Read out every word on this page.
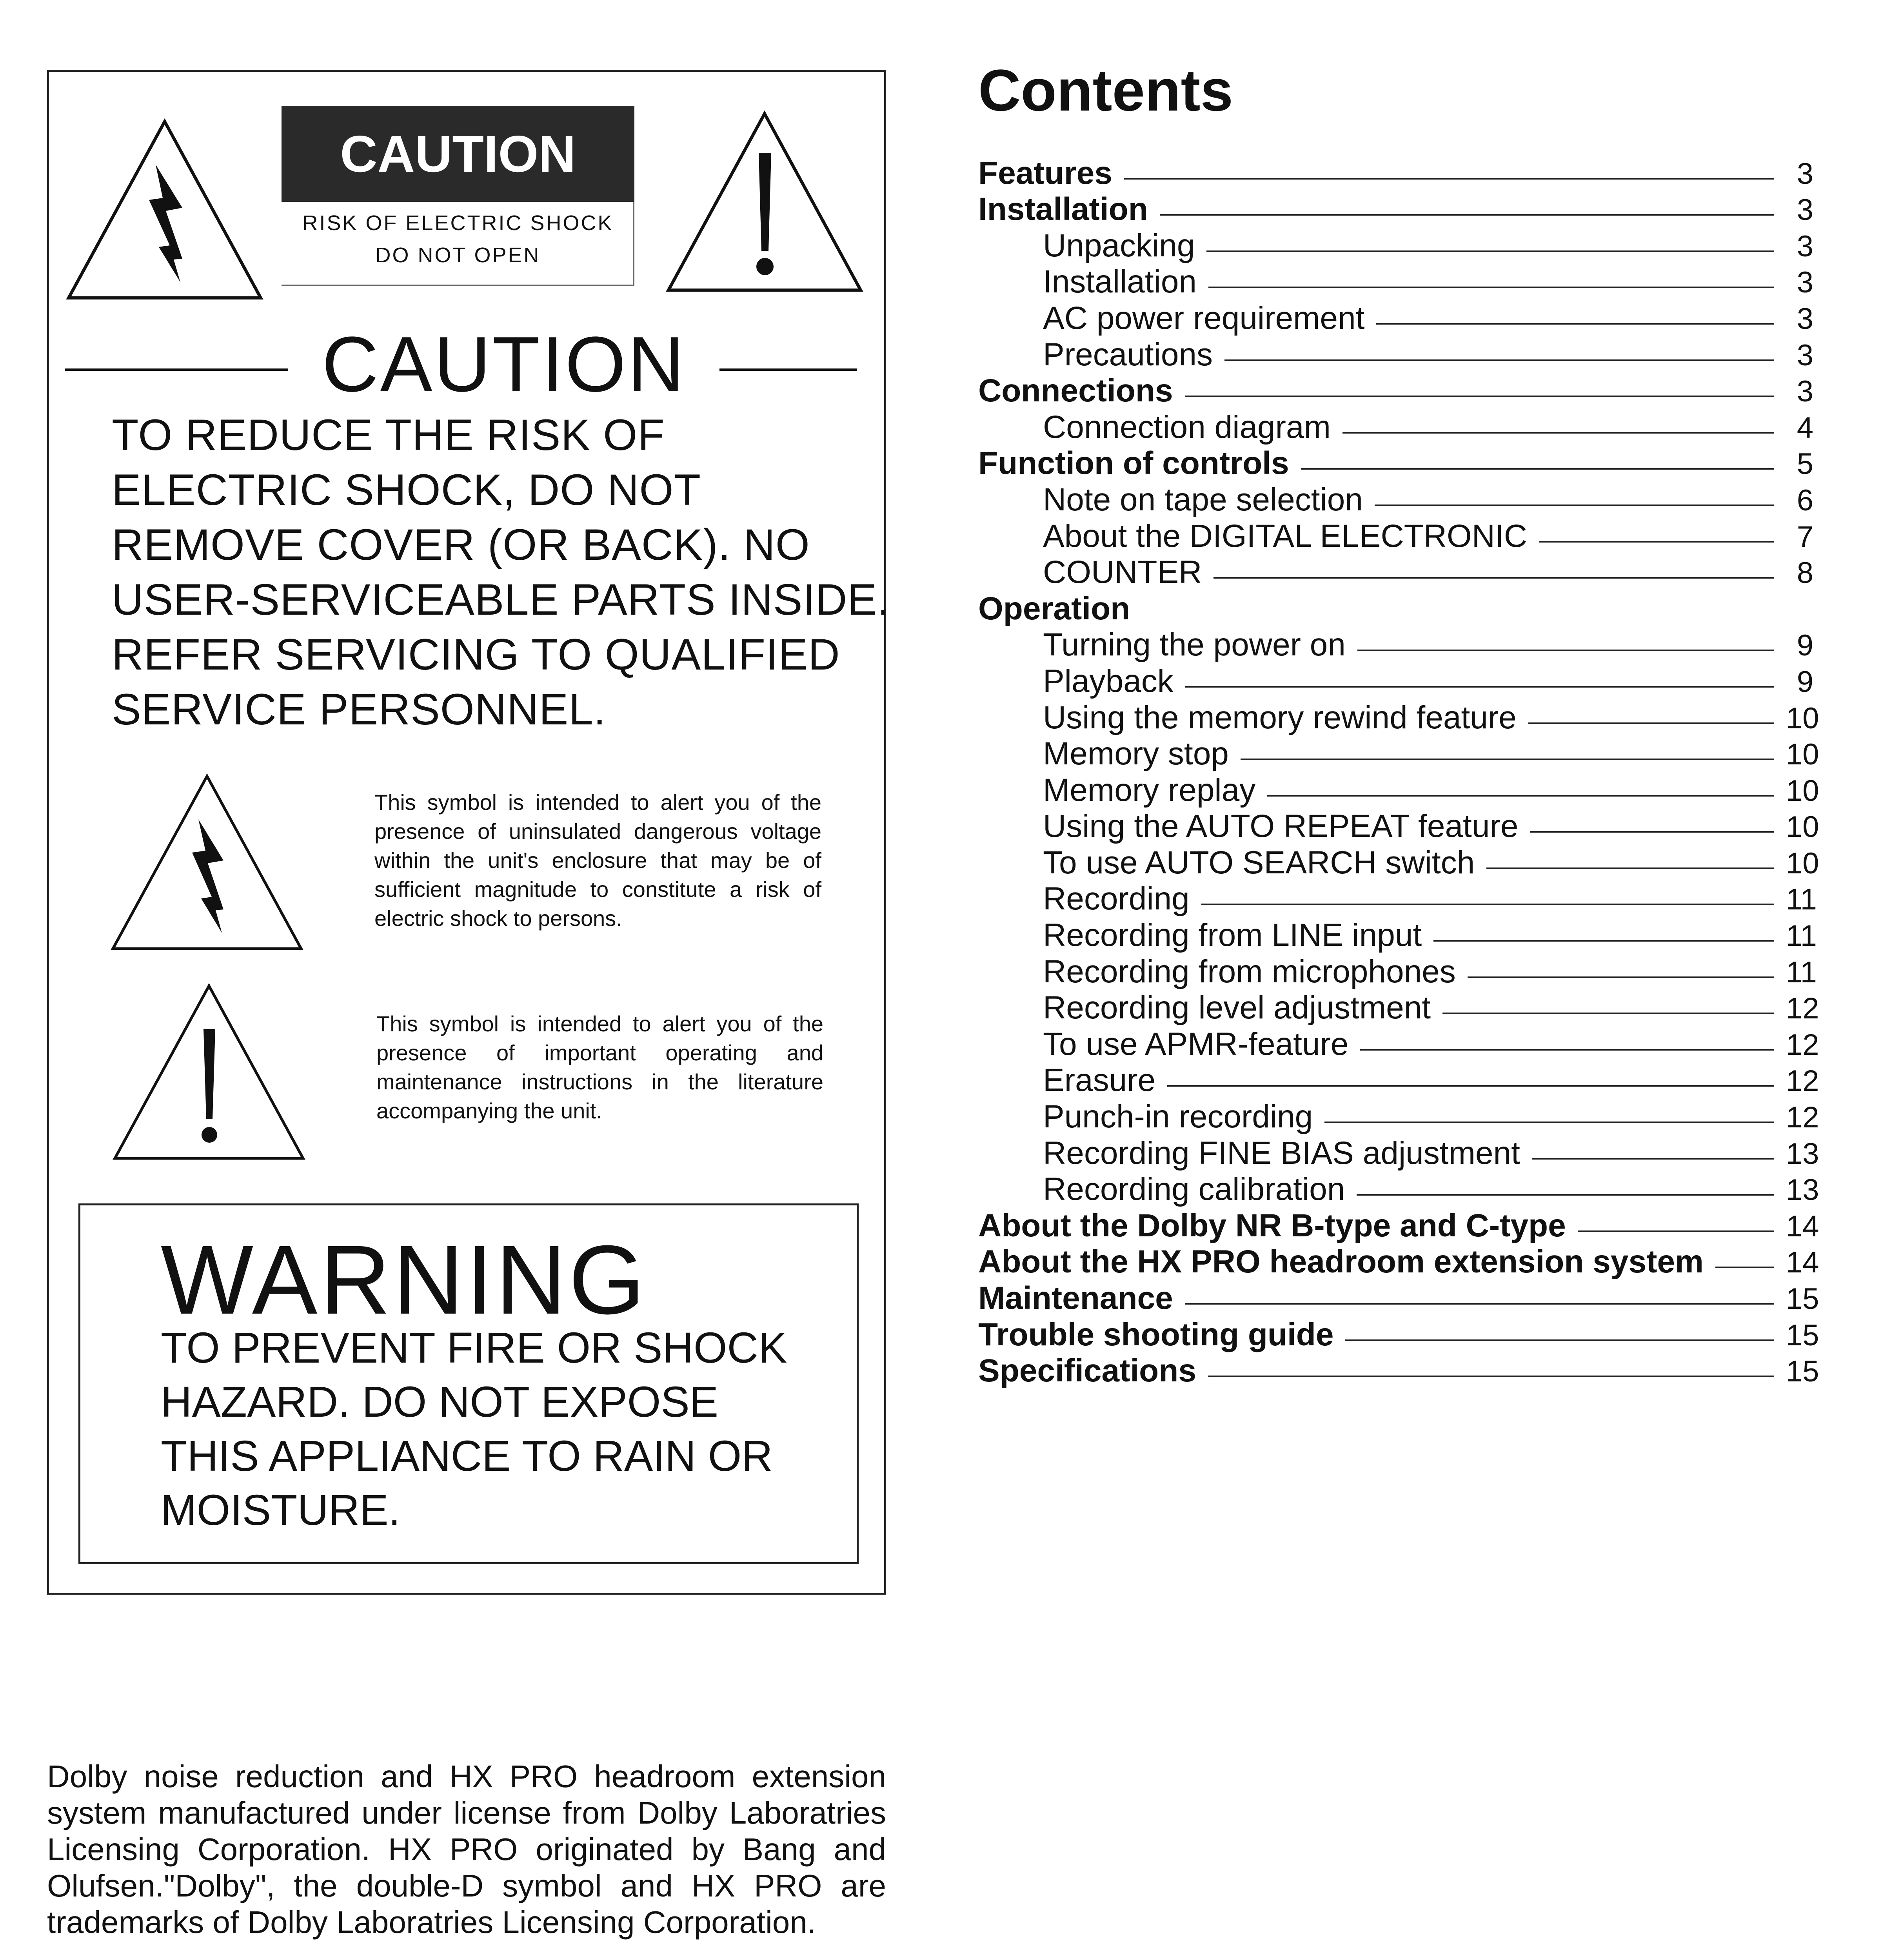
CAUTION
RISK OF ELECTRIC SHOCK
DO NOT OPEN
CAUTION
TO REDUCE THE RISK OF
ELECTRIC SHOCK, DO NOT
REMOVE COVER (OR BACK). NO
USER-SERVICEABLE PARTS INSIDE.
REFER SERVICING TO QUALIFIED
SERVICE PERSONNEL.
This symbol is intended to alert you of the presence of uninsulated dangerous voltage within the unit's enclosure that may be of sufficient magnitude to constitute a risk of electric shock to persons.
This symbol is intended to alert you of the presence of important operating and maintenance instructions in the literature accompanying the unit.
WARNING
TO PREVENT FIRE OR SHOCK
HAZARD. DO NOT EXPOSE
THIS APPLIANCE TO RAIN OR
MOISTURE.
Contents
Features	3
Installation	3
Unpacking	3
Installation	3
AC power requirement	3
Precautions	3
Connections	3
Connection diagram	4
Function of controls	5
Note on tape selection	6
About the DIGITAL ELECTRONIC	7
COUNTER	8
Operation
Turning the power on	9
Playback	9
Using the memory rewind feature	10
Memory stop	10
Memory replay	10
Using the AUTO REPEAT feature	10
To use AUTO SEARCH switch	10
Recording	11
Recording from LINE input	11
Recording from microphones	11
Recording level adjustment	12
To use APMR-feature	12
Erasure	12
Punch-in recording	12
Recording FINE BIAS adjustment	13
Recording calibration	13
About the Dolby NR B-type and C-type	14
About the HX PRO headroom extension system	14
Maintenance	15
Trouble shooting guide	15
Specifications	15
Dolby noise reduction and HX PRO headroom extension system manufactured under license from Dolby Laboratries Licensing Corporation. HX PRO originated by Bang and Olufsen."Dolby", the double-D symbol and HX PRO are trademarks of Dolby Laboratries Licensing Corporation.
